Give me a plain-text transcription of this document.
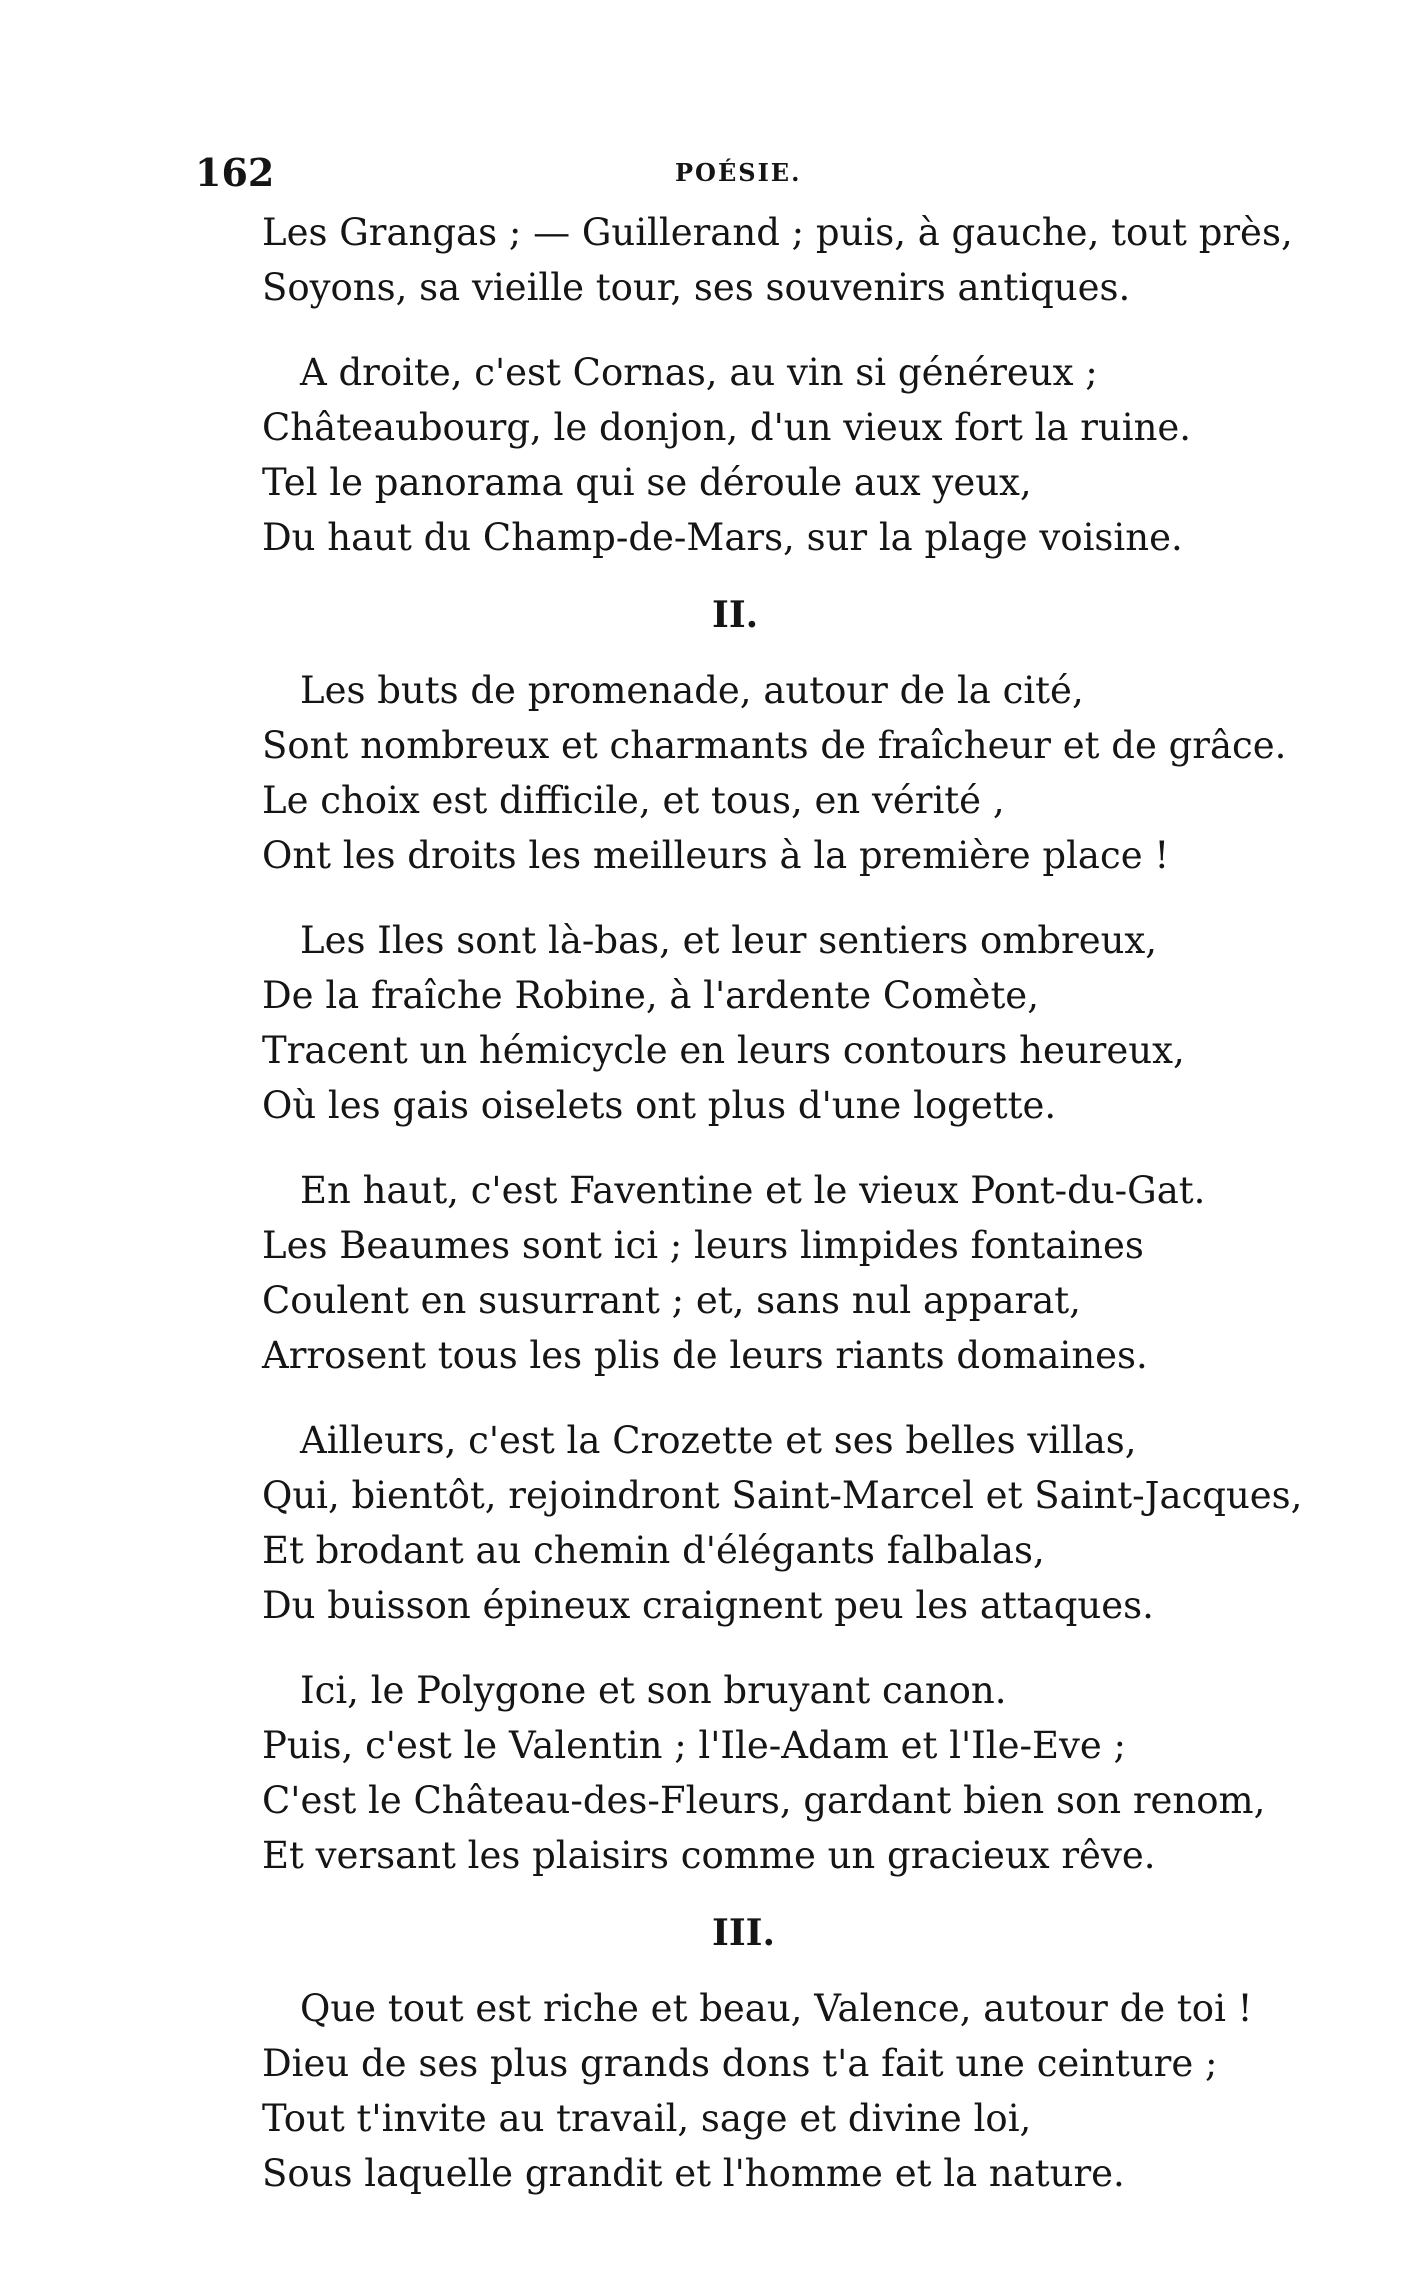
162	POÉSIE.
Les Grangas ; — Guillerand ; puis, à gauche, tout près,
Soyons, sa vieille tour, ses souvenirs antiques.
A droite, c'est Cornas, au vin si généreux ;
Châteaubourg, le donjon, d'un vieux fort la ruine.
Tel le panorama qui se déroule aux yeux,
Du haut du Champ-de-Mars, sur la plage voisine.
II.
Les buts de promenade, autour de la cité,
Sont nombreux et charmants de fraîcheur et de grâce.
Le choix est difficile, et tous, en vérité ,
Ont les droits les meilleurs à la première place !
Les Iles sont là-bas, et leur sentiers ombreux,
De la fraîche Robine, à l'ardente Comète,
Tracent un hémicycle en leurs contours heureux,
Où les gais oiselets ont plus d'une logette.
En haut, c'est Faventine et le vieux Pont-du-Gat.
Les Beaumes sont ici ; leurs limpides fontaines
Coulent en susurrant ; et, sans nul apparat,
Arrosent tous les plis de leurs riants domaines.
Ailleurs, c'est la Crozette et ses belles villas,
Qui, bientôt, rejoindront Saint-Marcel et Saint-Jacques,
Et brodant au chemin d'élégants falbalas,
Du buisson épineux craignent peu les attaques.
Ici, le Polygone et son bruyant canon.
Puis, c'est le Valentin ; l'Ile-Adam et l'Ile-Eve ;
C'est le Château-des-Fleurs, gardant bien son renom,
Et versant les plaisirs comme un gracieux rêve.
III.
Que tout est riche et beau, Valence, autour de toi !
Dieu de ses plus grands dons t'a fait une ceinture ;
Tout t'invite au travail, sage et divine loi,
Sous laquelle grandit et l'homme et la nature.
